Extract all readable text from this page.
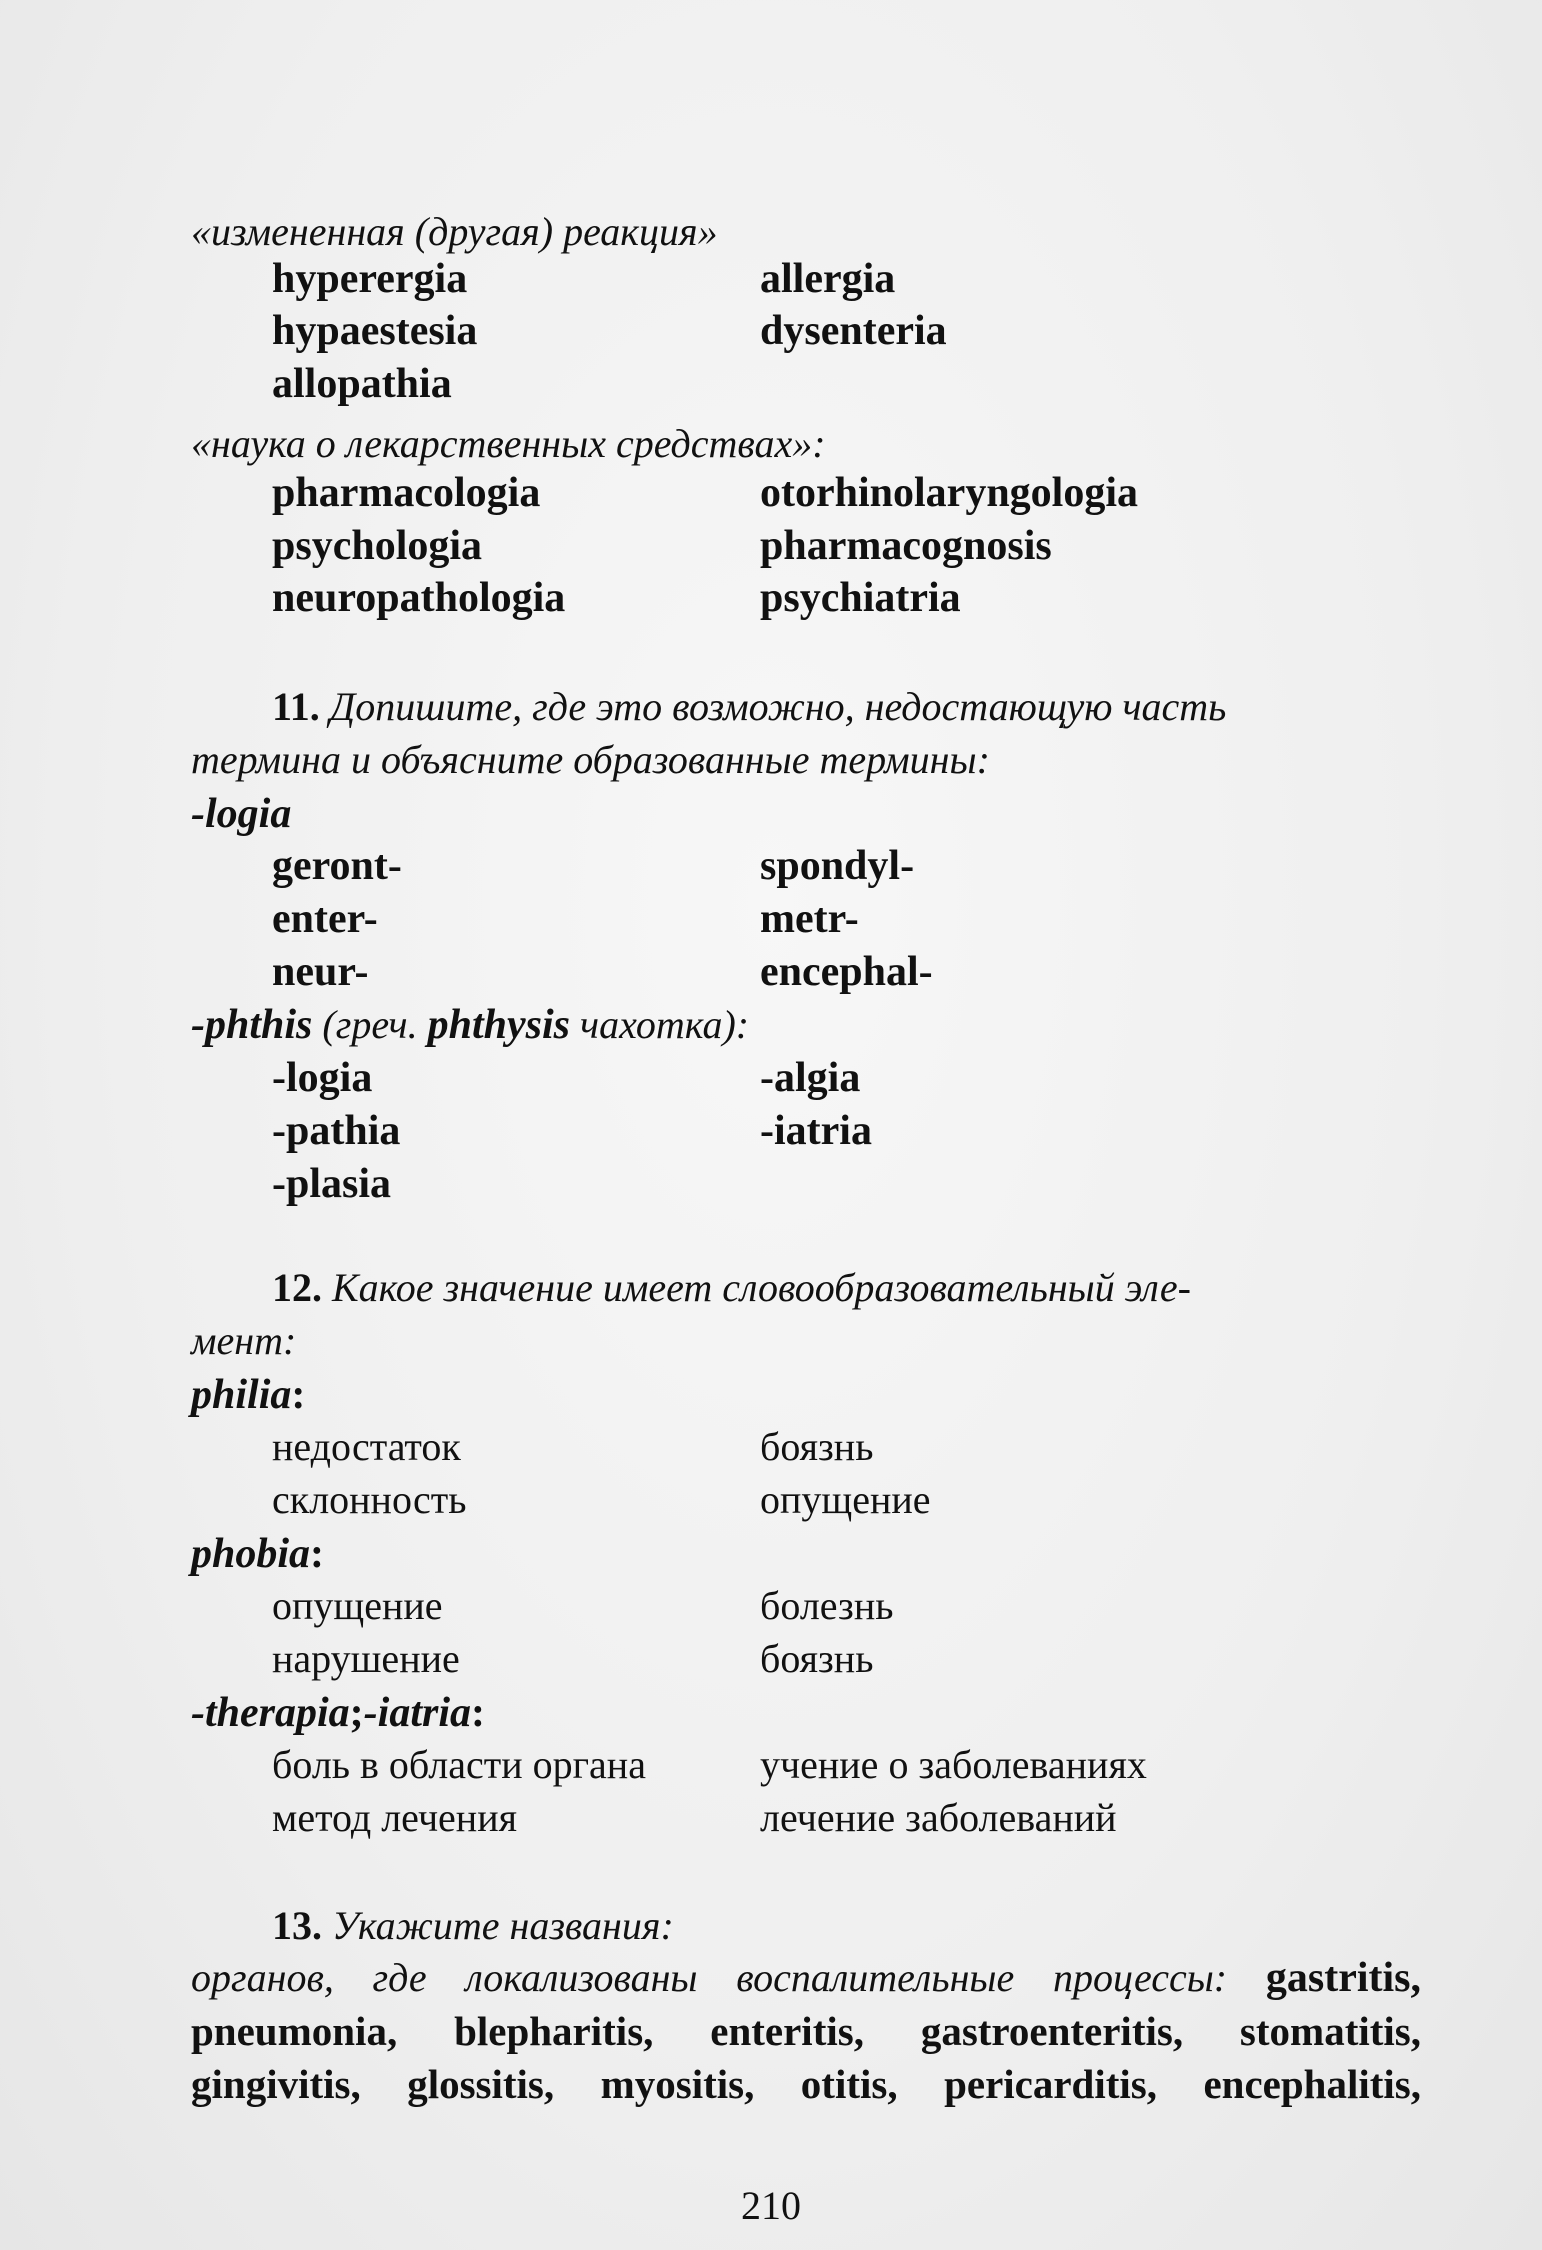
«измененная (другая) реакция»
hyperergia
hypaestesia
allopathia
allergia
dysenteria
«наука о лекарственных средствах»:
pharmacologia
psychologia
neuropathologia
otorhinolaryngologia
pharmacognosis
psychiatria
11. Допишите, где это возможно, недостающую часть
термина и объясните образованные термины:
-logia
geront-
enter-
neur-
spondyl-
metr-
encephal-
-phthis (греч. phthysis чахотка):
-logia
-pathia
-plasia
-algia
-iatria
12. Какое значение имеет словообразовательный эле-
мент:
philia:
недостаток
склонность
боязнь
опущение
phobia:
опущение
нарушение
болезнь
боязнь
-therapia;-iatria:
боль в области органа
метод лечения
учение о заболеваниях
лечение заболеваний
13. Укажите названия:
органов, где локализованы воспалительные процессы: gastritis,
pneumonia, blepharitis, enteritis, gastroenteritis, stomatitis,
gingivitis, glossitis, myositis, otitis, pericarditis, encephalitis,
210
